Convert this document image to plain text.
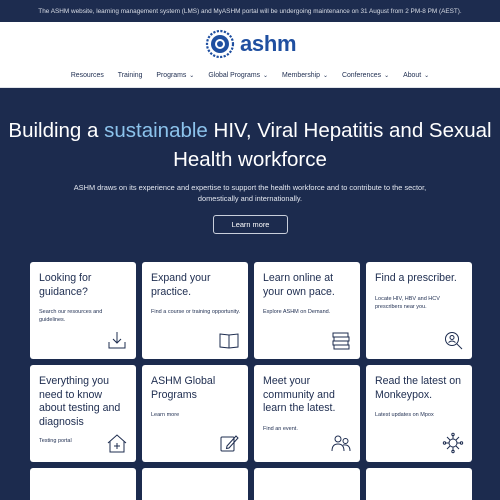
The ASHM website, learning management system (LMS) and MyASHM portal will be undergoing maintenance on 31 August from 2 PM-8 PM (AEST).
ashm
Resources Training Programs ⌄ Global Programs ⌄ Membership ⌄ Conferences ⌄ About ⌄
Building a sustainable HIV, Viral Hepatitis and Sexual Health workforce

ASHM draws on its experience and expertise to support the health workforce and to contribute to the sector, domestically and internationally.

Learn more
Looking for guidance?
Search our resources and guidelines.
Expand your practice.
Find a course or training opportunity.
Learn online at your own pace.
Explore ASHM on Demand.
Find a prescriber.
Locate HIV, HBV and HCV prescribers near you.
Everything you need to know about testing and diagnosis
Testing portal
ASHM Global Programs
Learn more
Meet your community and learn the latest.
Find an event.
Read the latest on Monkeypox.
Latest updates on Mpox
